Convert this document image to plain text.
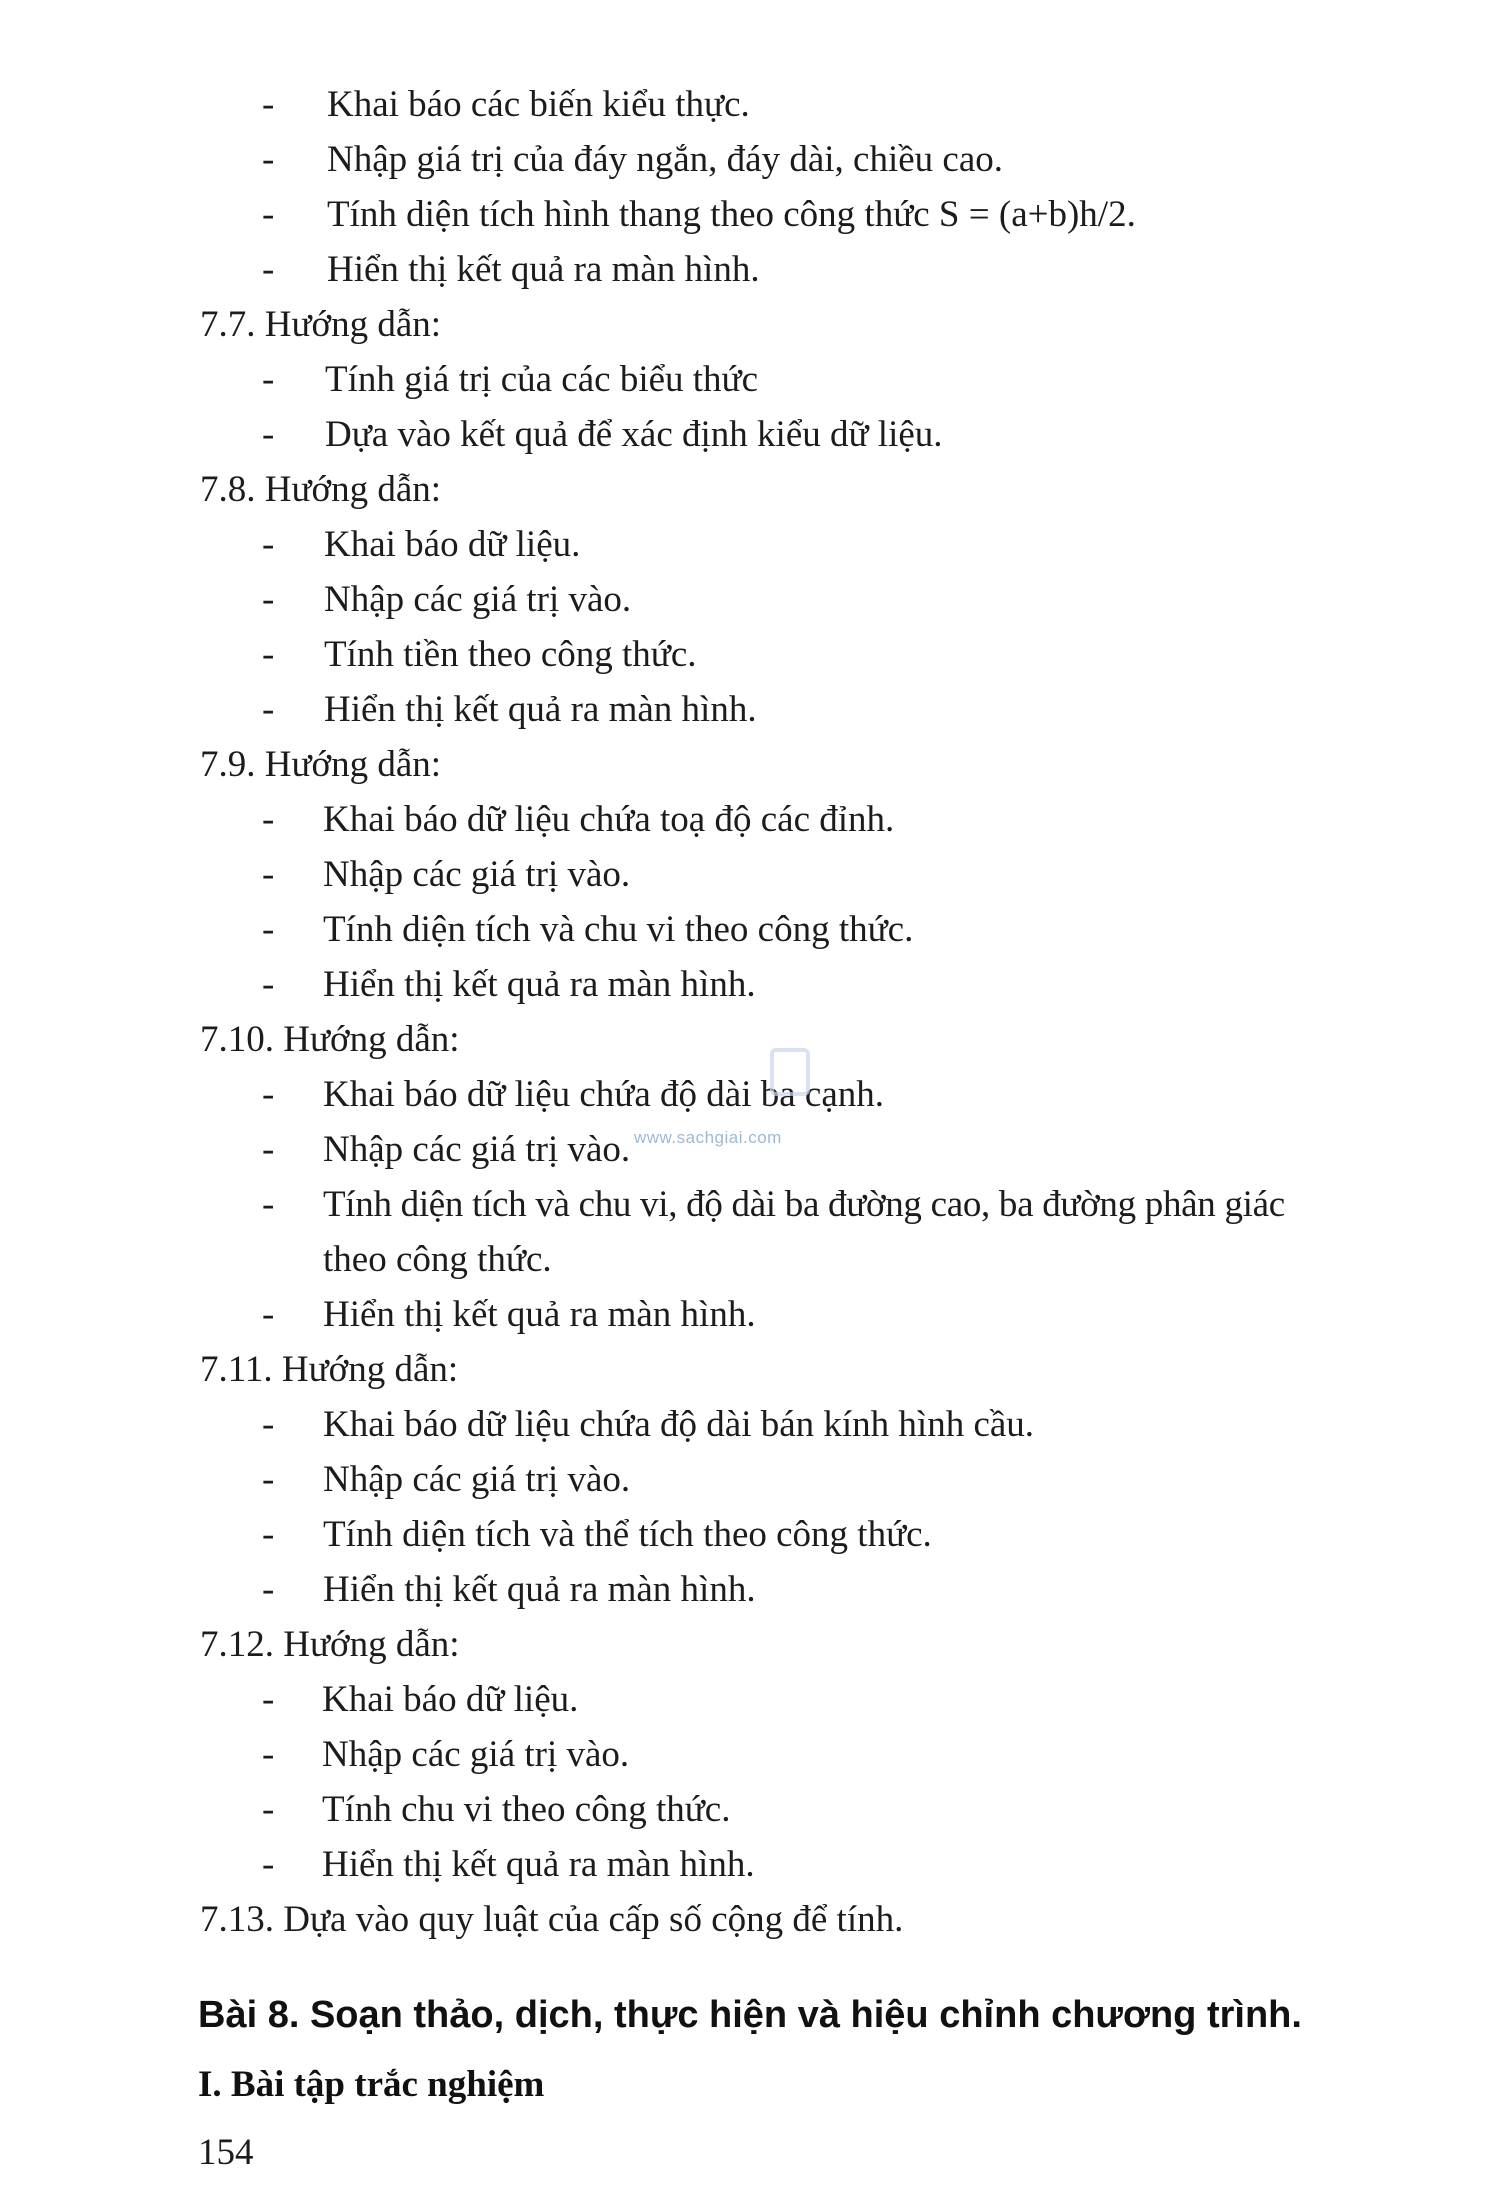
- Khai báo các biến kiểu thực.
- Nhập giá trị của đáy ngắn, đáy dài, chiều cao.
- Tính diện tích hình thang theo công thức S = (a+b)h/2.
- Hiển thị kết quả ra màn hình.
7.7. Hướng dẫn:
- Tính giá trị của các biểu thức
- Dựa vào kết quả để xác định kiểu dữ liệu.
7.8. Hướng dẫn:
- Khai báo dữ liệu.
- Nhập các giá trị vào.
- Tính tiền theo công thức.
- Hiển thị kết quả ra màn hình.
7.9. Hướng dẫn:
- Khai báo dữ liệu chứa toạ độ các đỉnh.
- Nhập các giá trị vào.
- Tính diện tích và chu vi theo công thức.
- Hiển thị kết quả ra màn hình.
7.10. Hướng dẫn:
- Khai báo dữ liệu chứa độ dài ba cạnh.
- Nhập các giá trị vào.
- Tính diện tích và chu vi, độ dài ba đường cao, ba đường phân giác
theo công thức.
- Hiển thị kết quả ra màn hình.
www.sachgiai.com
7.11. Hướng dẫn:
- Khai báo dữ liệu chứa độ dài bán kính hình cầu.
- Nhập các giá trị vào.
- Tính diện tích và thể tích theo công thức.
- Hiển thị kết quả ra màn hình.
7.12. Hướng dẫn:
- Khai báo dữ liệu.
- Nhập các giá trị vào.
- Tính chu vi theo công thức.
- Hiển thị kết quả ra màn hình.
7.13. Dựa vào quy luật của cấp số cộng để tính.
Bài 8. Soạn thảo, dịch, thực hiện và hiệu chỉnh chương trình.
I. Bài tập trắc nghiệm
154
